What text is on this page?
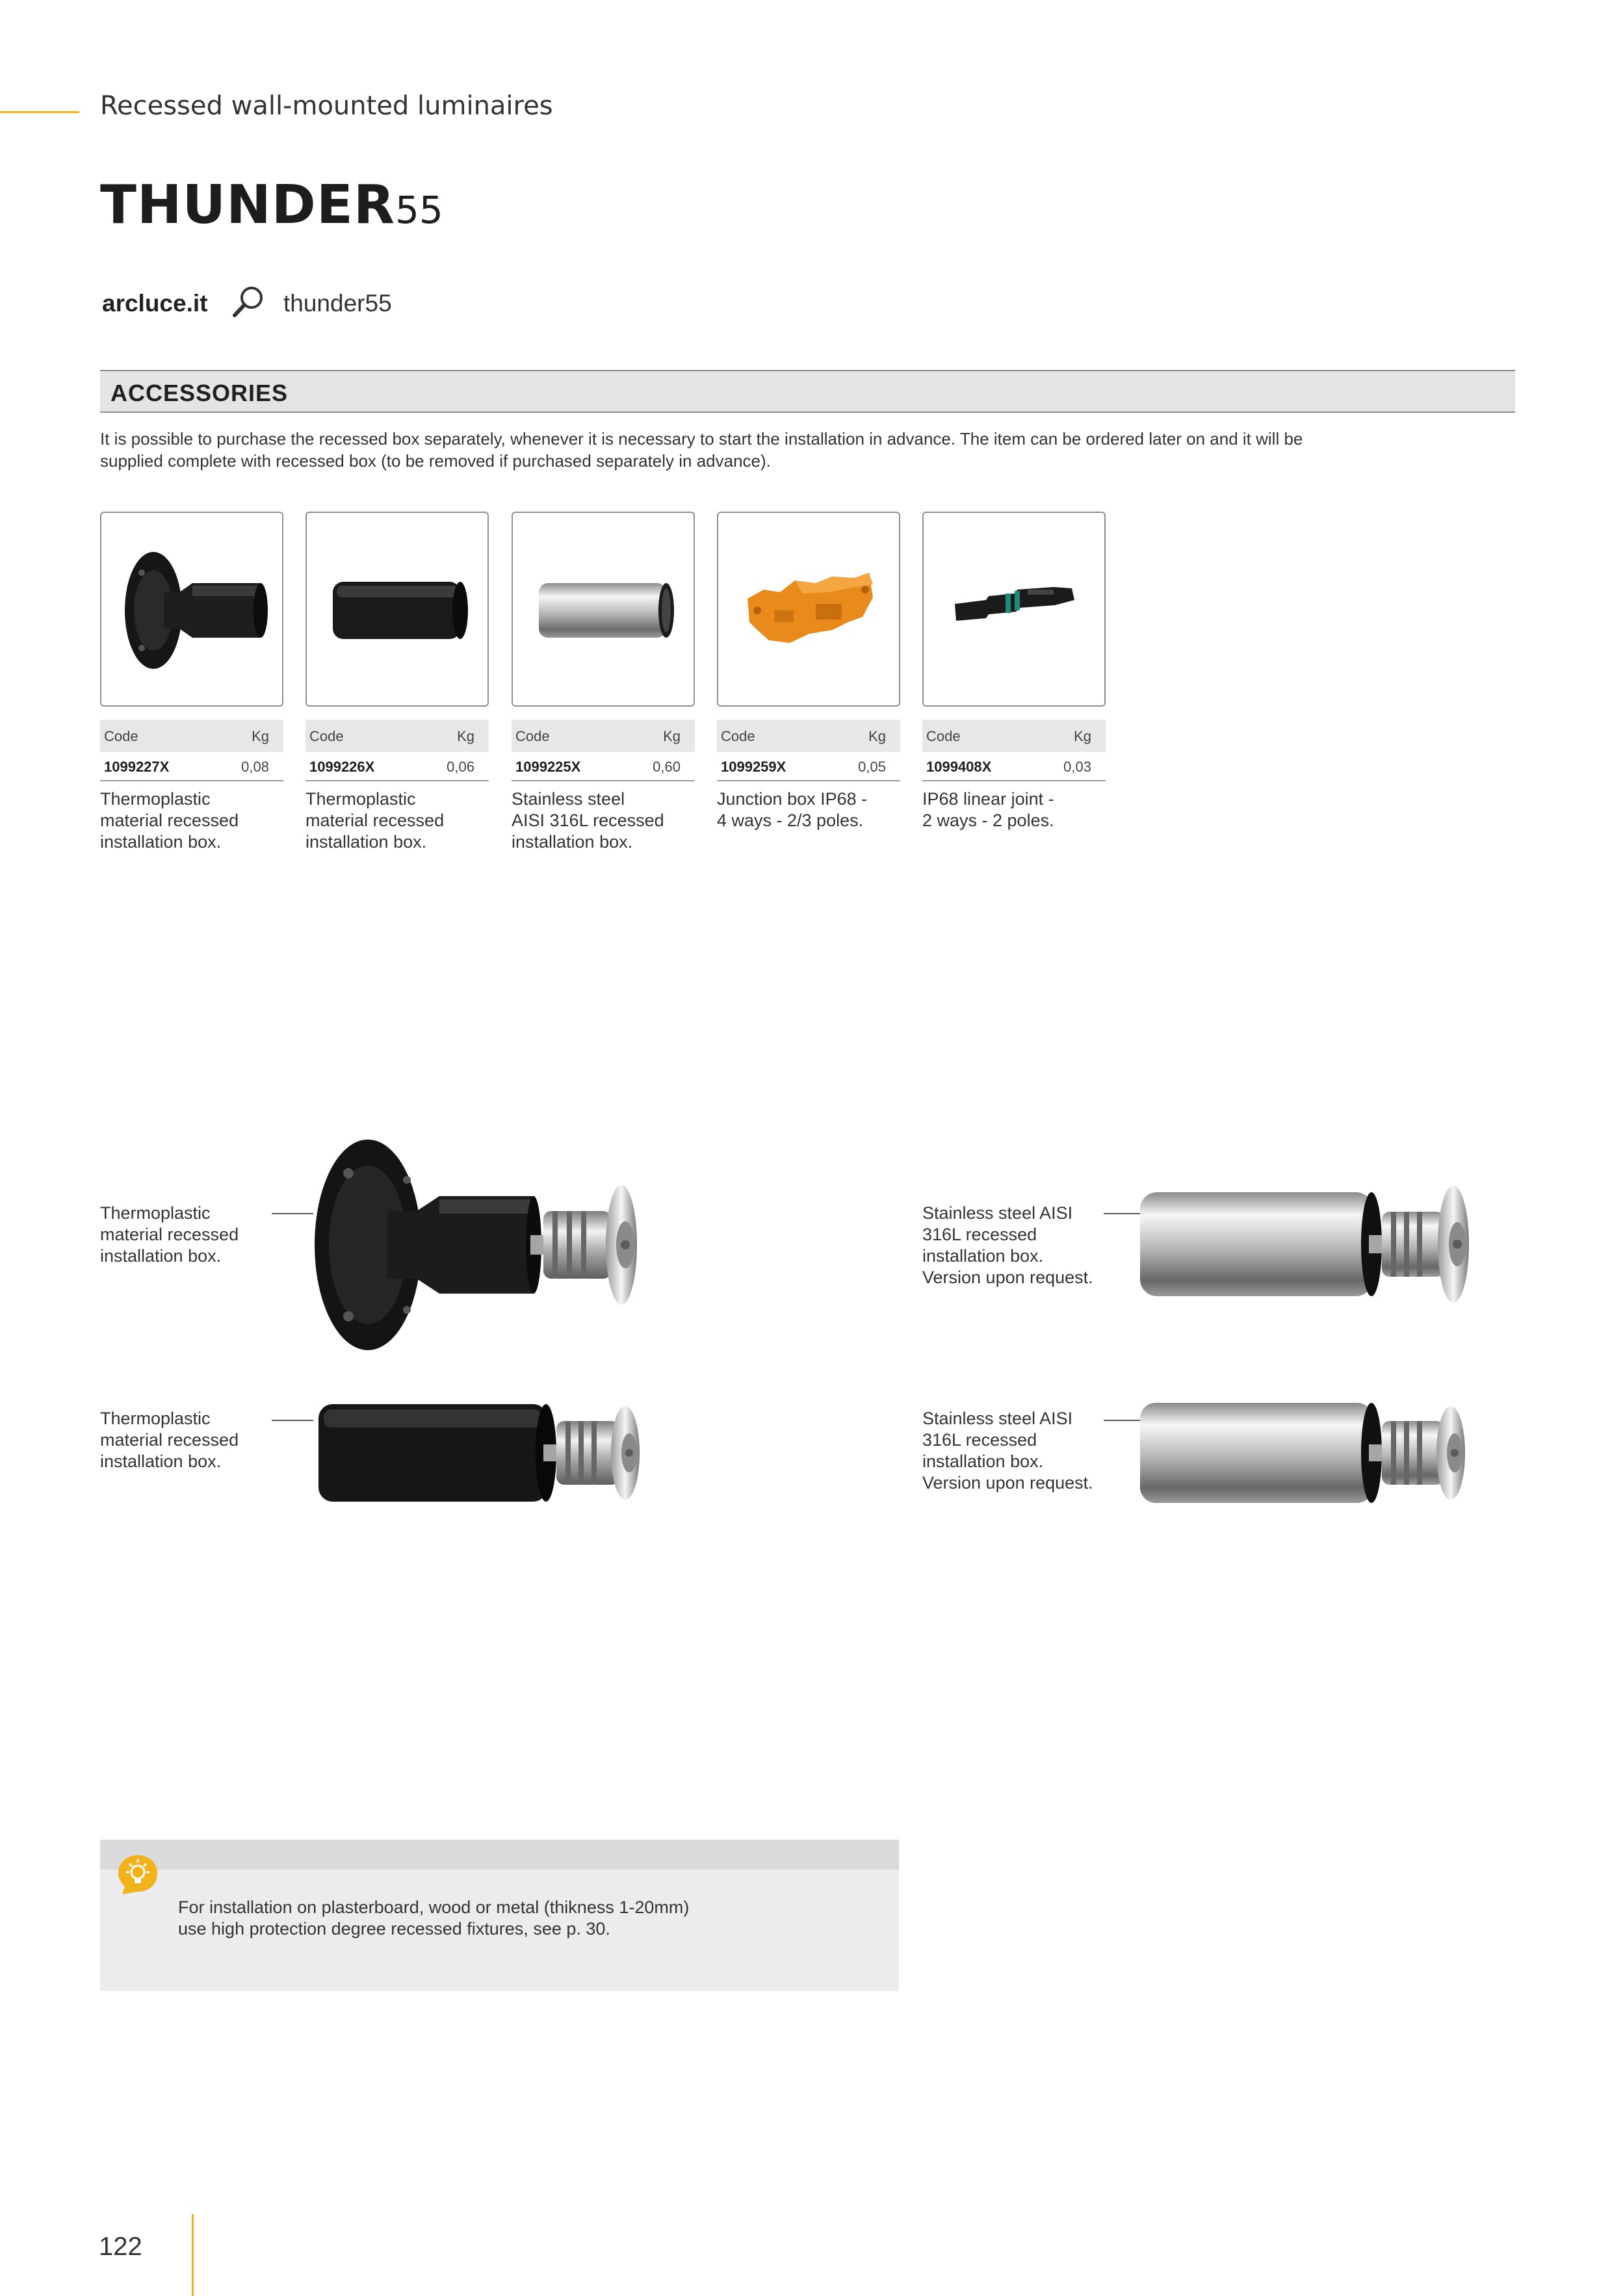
Recessed wall-mounted luminaires
THUNDER55
arcluce.it	thunder55
ACCESSORIES
It is possible to purchase the recessed box separately, whenever it is necessary to start the installation in advance. The item can be ordered later on and it will be
supplied complete with recessed box (to be removed if purchased separately in advance).
Code	Kg
1099227X	0,08
Thermoplastic
material recessed
installation box.
Code	Kg
1099226X	0,06
Thermoplastic
material recessed
installation box.
Code	Kg
1099225X	0,60
Stainless steel
AISI 316L recessed
installation box.
Code	Kg
1099259X	0,05
Junction box IP68 -
4 ways - 2/3 poles.
Code	Kg
1099408X	0,03
IP68 linear joint -
2 ways - 2 poles.
Thermoplastic
material recessed
installation box.
Thermoplastic
material recessed
installation box.
Stainless steel AISI
316L recessed
installation box.
Version upon request.
Stainless steel AISI
316L recessed
installation box.
Version upon request.
For installation on plasterboard, wood or metal (thikness 1-20mm)
use high protection degree recessed fixtures, see p. 30.
122
